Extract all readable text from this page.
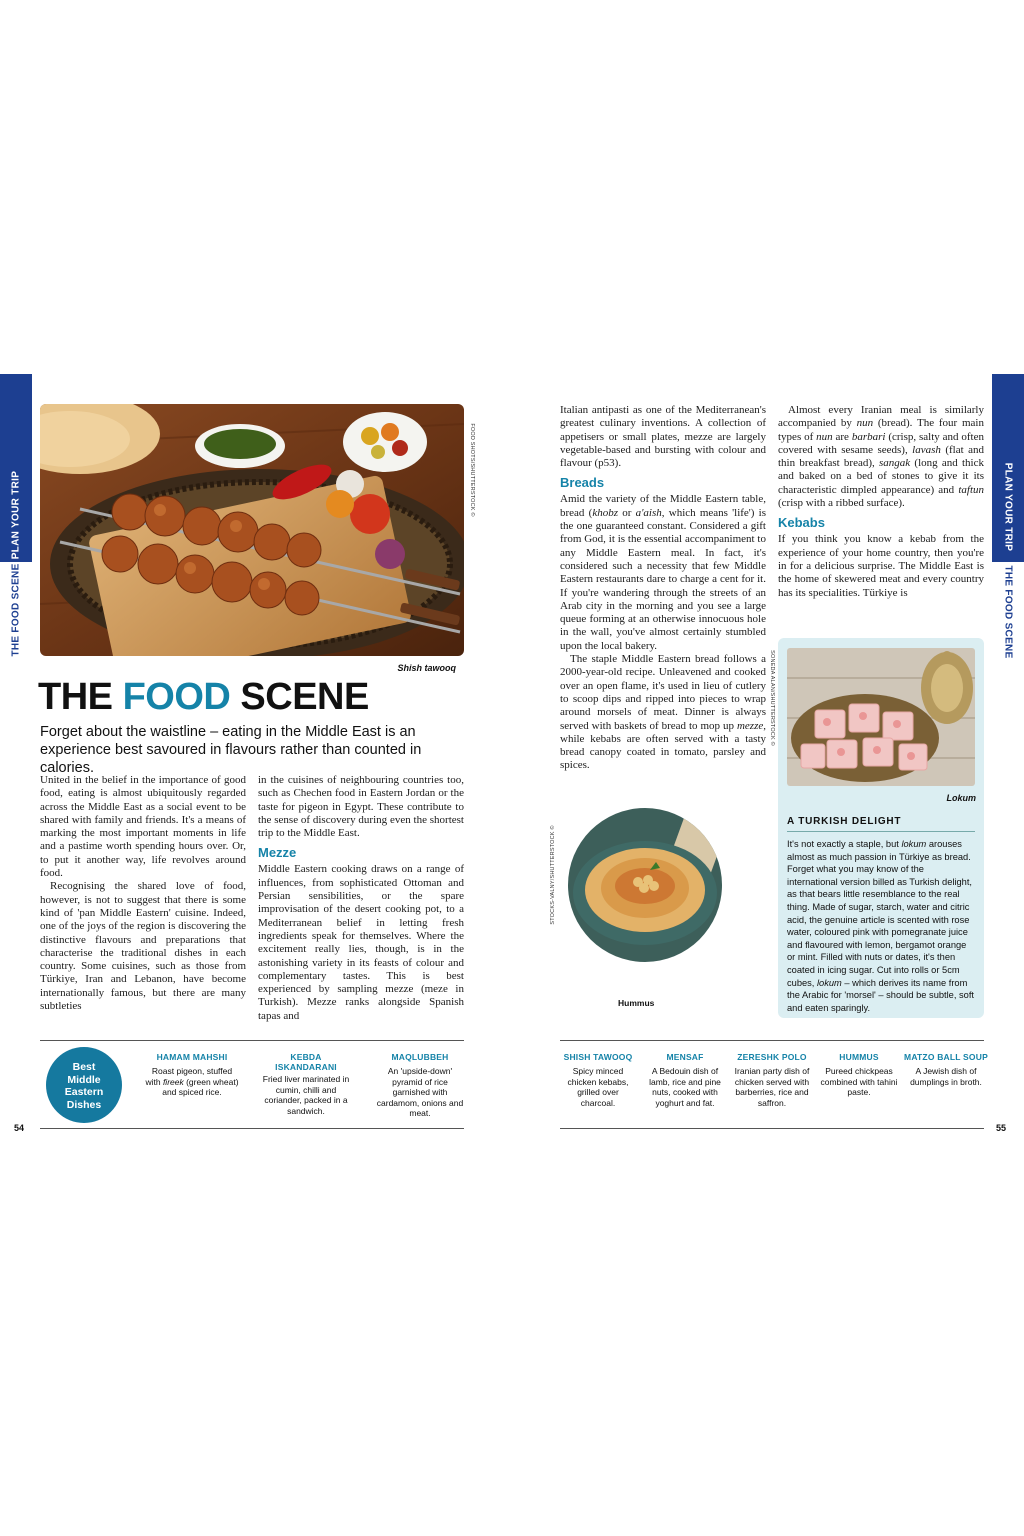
PLAN YOUR TRIP
THE FOOD SCENE
PLAN YOUR TRIP
THE FOOD SCENE
FOOD SHOTS/SHUTTERSTOCK ©
Shish tawooq
THE FOOD SCENE
Forget about the waistline – eating in the Middle East is an experience best savoured in flavours rather than counted in calories.

United in the belief in the importance of good food, eating is almost ubiquitously regarded across the Middle East as a social event to be shared with family and friends. It's a means of marking the most important moments in life and a pastime worth spending hours over. Or, to put it another way, life revolves around food.

Recognising the shared love of food, however, is not to suggest that there is some kind of 'pan Middle Eastern' cuisine. Indeed, one of the joys of the region is discovering the distinctive flavours and preparations that characterise the traditional dishes in each country. Some cuisines, such as those from Türkiye, Iran and Lebanon, have become internationally famous, but there are many subtleties

in the cuisines of neighbouring countries too, such as Chechen food in Eastern Jordan or the taste for pigeon in Egypt. These contribute to the sense of discovery during even the shortest trip to the Middle East.

Mezze

Middle Eastern cooking draws on a range of influences, from sophisticated Ottoman and Persian sensibilities, or the spare improvisation of the desert cooking pot, to a Mediterranean belief in letting fresh ingredients speak for themselves. Where the excitement really lies, though, is in the astonishing variety in its feasts of colour and complementary tastes. This is best experienced by sampling mezze (meze in Turkish). Mezze ranks alongside Spanish tapas and

Italian antipasti as one of the Mediterranean's greatest culinary inventions. A collection of appetisers or small plates, mezze are largely vegetable-based and bursting with colour and flavour (p53).

Breads

Amid the variety of the Middle Eastern table, bread (khobz or a'aish, which means 'life') is the one guaranteed constant. Considered a gift from God, it is the essential accompaniment to any Middle Eastern meal. In fact, it's considered such a necessity that few Middle Eastern restaurants dare to charge a cent for it. If you're wandering through the streets of an Arab city in the morning and you see a large queue forming at an otherwise innocuous hole in the wall, you've almost certainly stumbled upon the local bakery.

The staple Middle Eastern bread follows a 2000-year-old recipe. Unleavened and cooked over an open flame, it's used in lieu of cutlery to scoop dips and ripped into pieces to wrap around morsels of meat. Dinner is always served with baskets of bread to mop up mezze, while kebabs are often served with a tasty bread canopy coated in tomato, parsley and spices.

Almost every Iranian meal is similarly accompanied by nun (bread). The four main types of nun are barbari (crisp, salty and often covered with sesame seeds), lavash (flat and thin breakfast bread), sangak (long and thick and baked on a bed of stones to give it its characteristic dimpled appearance) and taftun (crisp with a ribbed surface).

Kebabs

If you think you know a kebab from the experience of your home country, then you're in for a delicious surprise. The Middle East is the home of skewered meat and every country has its specialities. Türkiye is

STOCKS-VALNY/SHUTTERSTOCK ©
Hummus
SONEDA ALAN/SHUTTERSTOCK ©
Lokum
A TURKISH DELIGHT
It's not exactly a staple, but lokum arouses almost as much passion in Türkiye as bread. Forget what you may know of the international version billed as Turkish delight, as that bears little resemblance to the real thing. Made of sugar, starch, water and citric acid, the genuine article is scented with rose water, coloured pink with pomegranate juice and flavoured with lemon, bergamot orange or mint. Filled with nuts or dates, it's then coated in icing sugar. Cut into rolls or 5cm cubes, lokum – which derives its name from the Arabic for 'morsel' – should be subtle, soft and eaten sparingly.
Best
Middle
Eastern
Dishes
HAMAM MAHSHI
Roast pigeon, stuffed with fireek (green wheat) and spiced rice.
KEBDA ISKANDARANI
Fried liver marinated in cumin, chilli and coriander, packed in a sandwich.
MAQLUBBEH
An 'upside-down' pyramid of rice garnished with cardamom, onions and meat.
SHISH TAWOOQ
Spicy minced chicken kebabs, grilled over charcoal.
MENSAF
A Bedouin dish of lamb, rice and pine nuts, cooked with yoghurt and fat.
ZERESHK POLO
Iranian party dish of chicken served with barberries, rice and saffron.
HUMMUS
Pureed chickpeas combined with tahini paste.
MATZO BALL SOUP
A Jewish dish of dumplings in broth.
54	55
